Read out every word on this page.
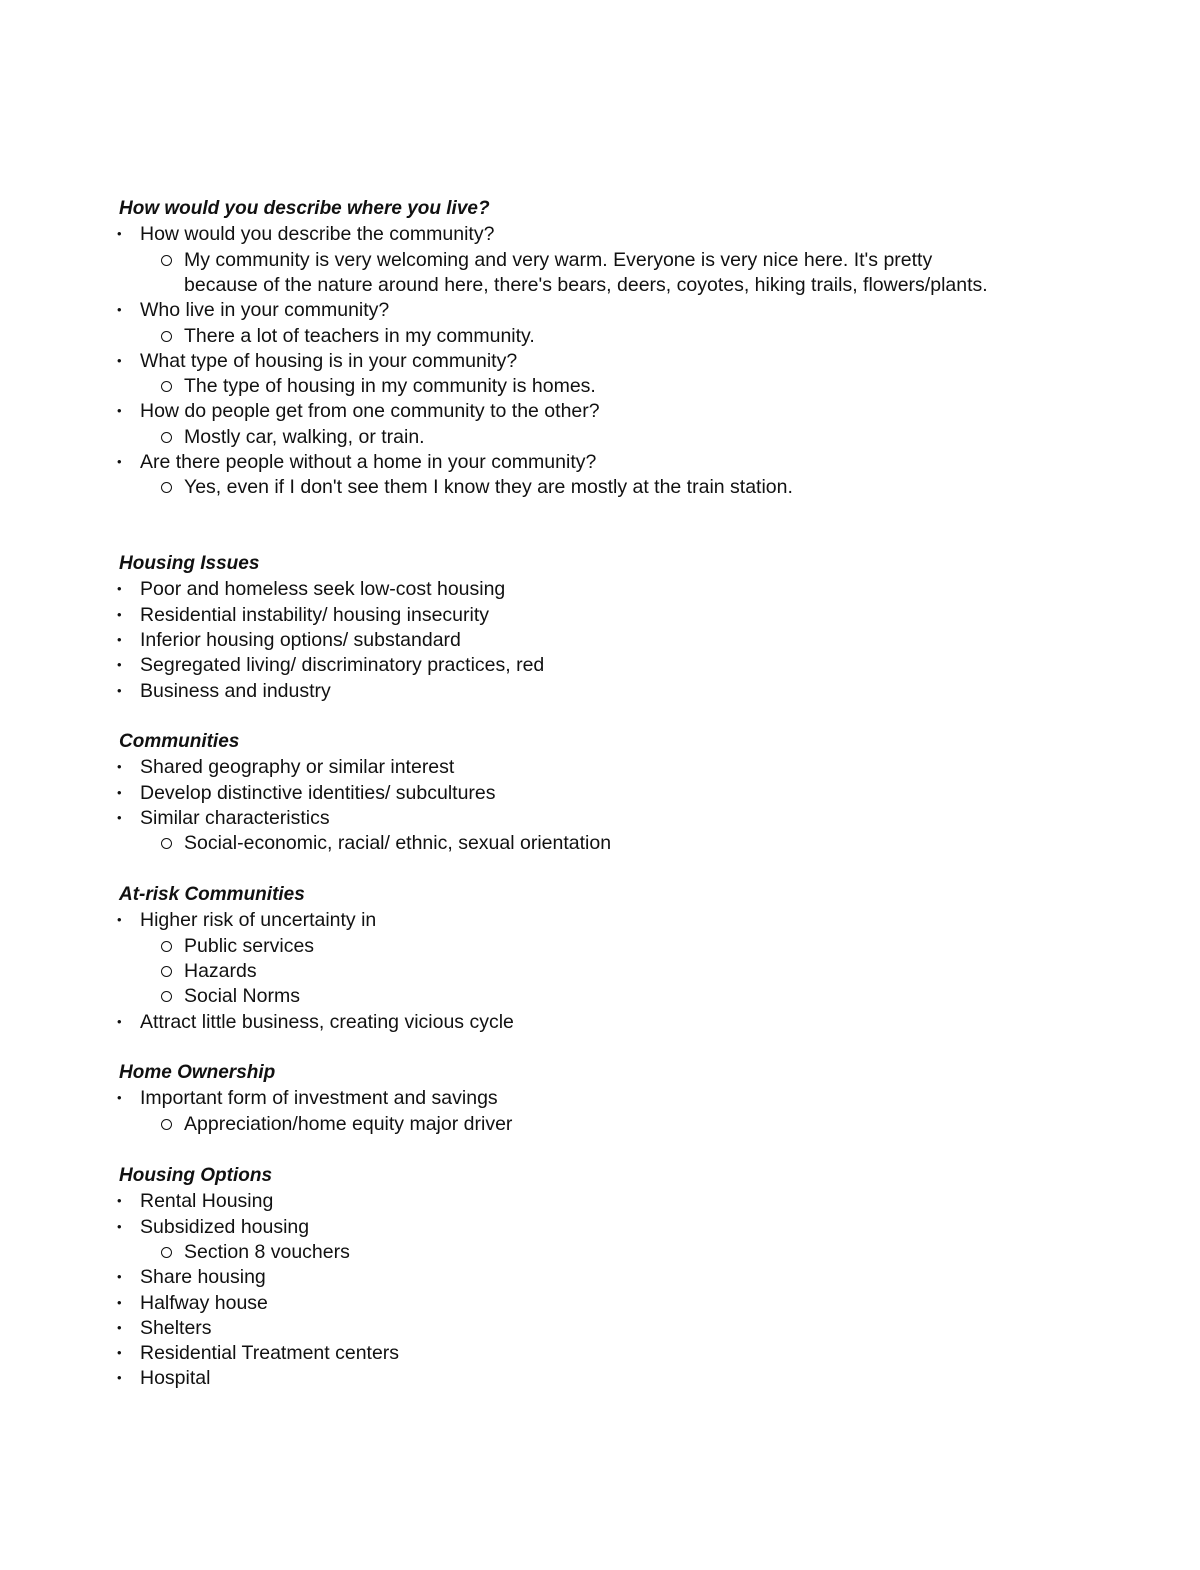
How would you describe where you live?
• How would you describe the community?
My community is very welcoming and very warm. Everyone is very nice here. It's pretty
because of the nature around here, there's bears, deers, coyotes, hiking trails, flowers/plants.
• Who live in your community?
There a lot of teachers in my community.
• What type of housing is in your community?
The type of housing in my community is homes.
• How do people get from one community to the other?
Mostly car, walking, or train.
• Are there people without a home in your community?
Yes, even if I don't see them I know they are mostly at the train station.
Housing Issues
• Poor and homeless seek low-cost housing
• Residential instability/ housing insecurity
• Inferior housing options/ substandard
• Segregated living/ discriminatory practices, red
• Business and industry
Communities
• Shared geography or similar interest
• Develop distinctive identities/ subcultures
• Similar characteristics
Social-economic, racial/ ethnic, sexual orientation
At-risk Communities
• Higher risk of uncertainty in
Public services
Hazards
Social Norms
• Attract little business, creating vicious cycle
Home Ownership
• Important form of investment and savings
Appreciation/home equity major driver
Housing Options
• Rental Housing
• Subsidized housing
Section 8 vouchers
• Share housing
• Halfway house
• Shelters
• Residential Treatment centers
• Hospital
